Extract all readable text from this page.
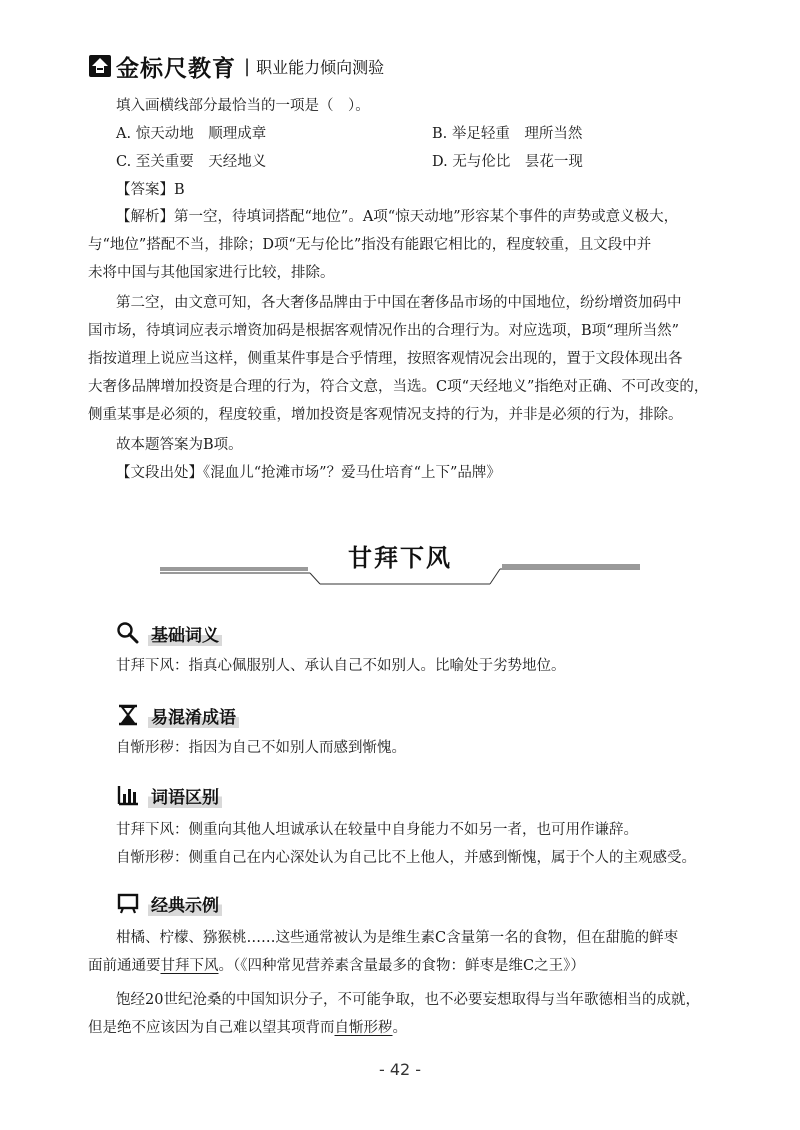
金标尺教育 | 职业能力倾向测验
填入画横线部分最恰当的一项是（　）。
A. 惊天动地　顺理成章	B. 举足轻重　理所当然
C. 至关重要　天经地义	D. 无与伦比　昙花一现
【答案】B
【解析】第一空，待填词搭配“地位”。A项“惊天动地”形容某个事件的声势或意义极大，
与“地位”搭配不当，排除；D项“无与伦比”指没有能跟它相比的，程度较重，且文段中并
未将中国与其他国家进行比较，排除。
第二空，由文意可知，各大奢侈品牌由于中国在奢侈品市场的中国地位，纷纷增资加码中
国市场，待填词应表示增资加码是根据客观情况作出的合理行为。对应选项，B项“理所当然”
指按道理上说应当这样，侧重某件事是合乎情理，按照客观情况会出现的，置于文段体现出各
大奢侈品牌增加投资是合理的行为，符合文意，当选。C项“天经地义”指绝对正确、不可改变的，
侧重某事是必须的，程度较重，增加投资是客观情况支持的行为，并非是必须的行为，排除。
故本题答案为B项。
【文段出处】《混血儿“抢滩市场”？爱马仕培育“上下”品牌》
甘拜下风
基础词义
甘拜下风：指真心佩服别人、承认自己不如别人。比喻处于劣势地位。
易混淆成语
自惭形秽：指因为自己不如别人而感到惭愧。
词语区别
甘拜下风：侧重向其他人坦诚承认在较量中自身能力不如另一者，也可用作谦辞。
自惭形秽：侧重自己在内心深处认为自己比不上他人，并感到惭愧，属于个人的主观感受。
经典示例
柑橘、柠檬、猕猴桃……这些通常被认为是维生素C含量第一名的食物，但在甜脆的鲜枣
面前通通要甘拜下风。（《四种常见营养素含量最多的食物：鲜枣是维C之王》）
饱经20世纪沧桑的中国知识分子，不可能争取，也不必要妄想取得与当年歌德相当的成就，
但是绝不应该因为自己难以望其项背而自惭形秽。
- 42 -
